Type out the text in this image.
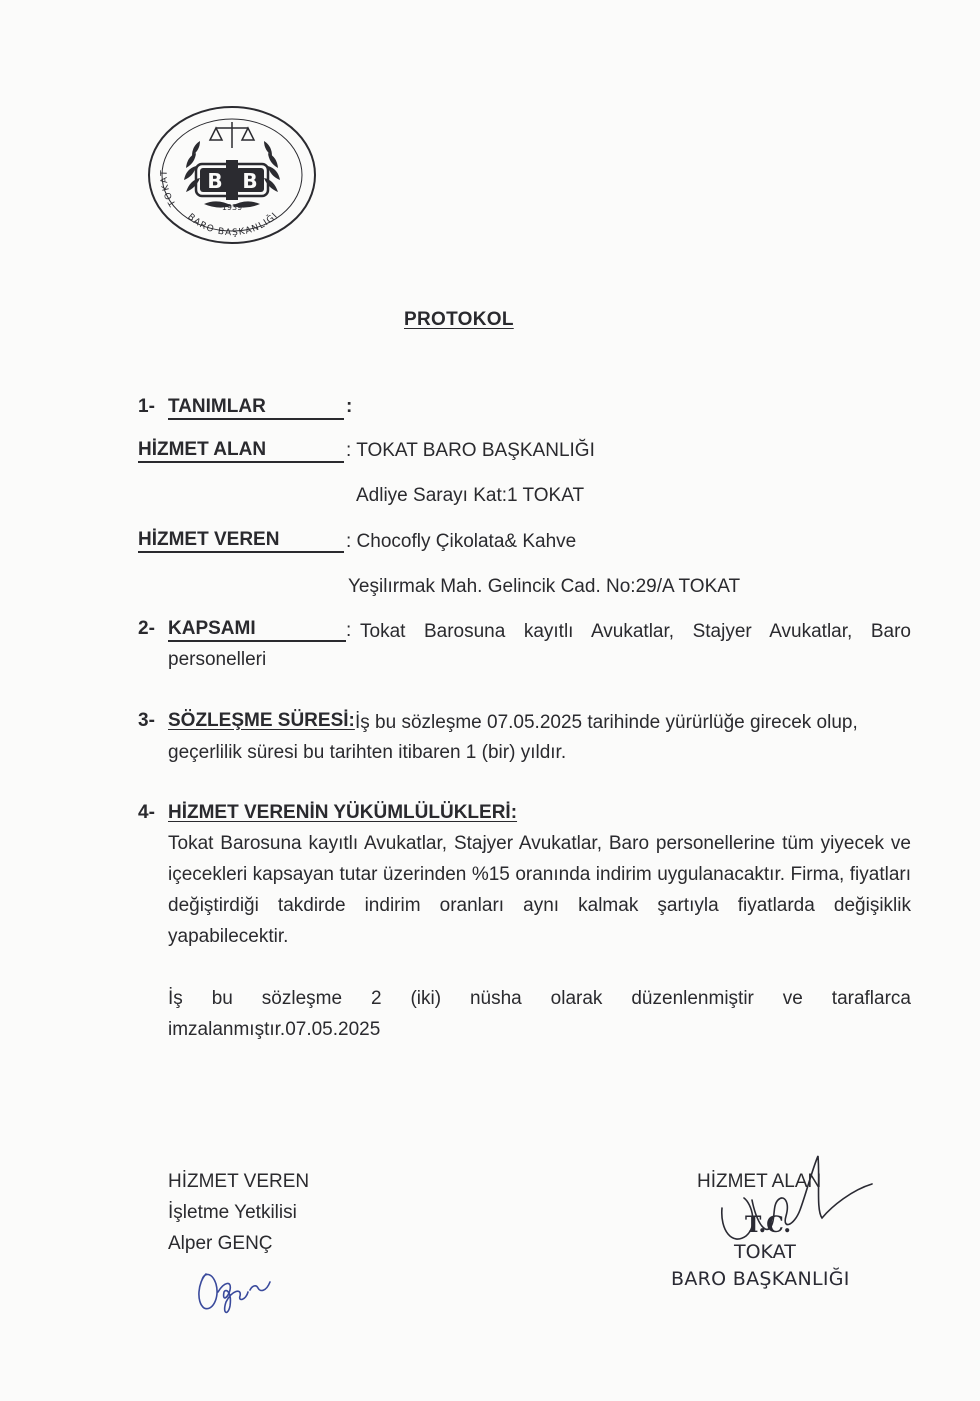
B B
1939
TOKAT
BARO BAŞKANLIĞI
PROTOKOL
1- TANIMLAR	:
HİZMET ALAN	: TOKAT BARO BAŞKANLIĞI
Adliye Sarayı Kat:1 TOKAT
HİZMET VEREN	: Chocofly Çikolata& Kahve
Yeşilırmak Mah. Gelincik Cad. No:29/A TOKAT
2- KAPSAMI	: Tokat Barosuna kayıtlı Avukatlar, Stajyer Avukatlar, Baro
personelleri
3- SÖZLEŞME SÜRESİ: İş bu sözleşme 07.05.2025 tarihinde yürürlüğe girecek olup,
geçerlilik süresi bu tarihten itibaren 1 (bir) yıldır.
4- HİZMET VERENİN YÜKÜMLÜLÜKLERİ:
Tokat Barosuna kayıtlı Avukatlar, Stajyer Avukatlar, Baro personellerine tüm yiyecek ve içecekleri kapsayan tutar üzerinden %15 oranında indirim uygulanacaktır. Firma, fiyatları değiştirdiği takdirde indirim oranları aynı kalmak şartıyla fiyatlarda değişiklik yapabilecektir.
İş bu sözleşme 2 (iki) nüsha olarak düzenlenmiştir ve taraflarca imzalanmıştır.07.05.2025
HİZMET VEREN
İşletme Yetkilisi
Alper GENÇ
HİZMET ALAN
T.C.
TOKAT
BARO BAŞKANLIĞI
